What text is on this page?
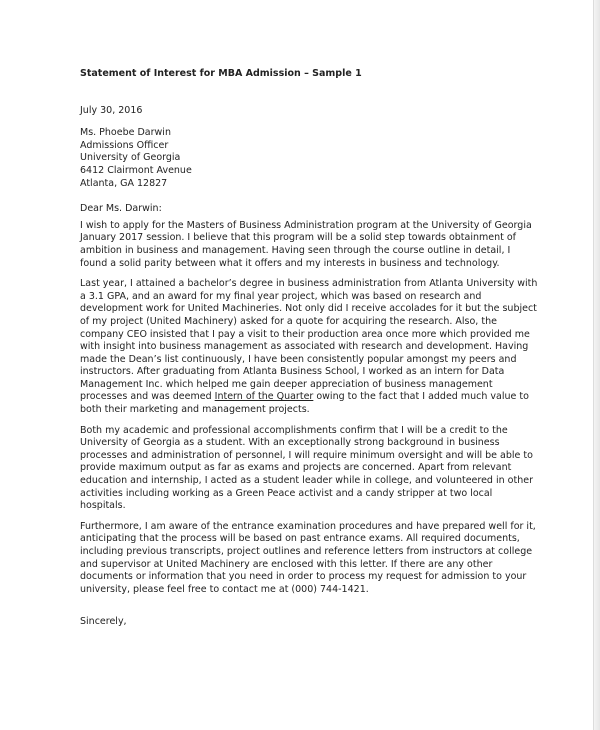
Statement of Interest for MBA Admission – Sample 1
July 30, 2016
Ms. Phoebe Darwin
Admissions Officer
University of Georgia
6412 Clairmont Avenue
Atlanta, GA 12827
Dear Ms. Darwin:

I wish to apply for the Masters of Business Administration program at the University of Georgia January 2017 session. I believe that this program will be a solid step towards obtainment of ambition in business and management. Having seen through the course outline in detail, I found a solid parity between what it offers and my interests in business and technology.

Last year, I attained a bachelor’s degree in business administration from Atlanta University with a 3.1 GPA, and an award for my final year project, which was based on research and development work for United Machineries. Not only did I receive accolades for it but the subject of my project (United Machinery) asked for a quote for acquiring the research. Also, the company CEO insisted that I pay a visit to their production area once more which provided me with insight into business management as associated with research and development. Having made the Dean’s list continuously, I have been consistently popular amongst my peers and instructors. After graduating from Atlanta Business School, I worked as an intern for Data Management Inc. which helped me gain deeper appreciation of business management processes and was deemed Intern of the Quarter owing to the fact that I added much value to both their marketing and management projects.

Both my academic and professional accomplishments confirm that I will be a credit to the University of Georgia as a student. With an exceptionally strong background in business processes and administration of personnel, I will require minimum oversight and will be able to provide maximum output as far as exams and projects are concerned. Apart from relevant education and internship, I acted as a student leader while in college, and volunteered in other activities including working as a Green Peace activist and a candy stripper at two local hospitals.

Furthermore, I am aware of the entrance examination procedures and have prepared well for it, anticipating that the process will be based on past entrance exams. All required documents, including previous transcripts, project outlines and reference letters from instructors at college and supervisor at United Machinery are enclosed with this letter. If there are any other documents or information that you need in order to process my request for admission to your university, please feel free to contact me at (000) 744-1421.

Sincerely,
